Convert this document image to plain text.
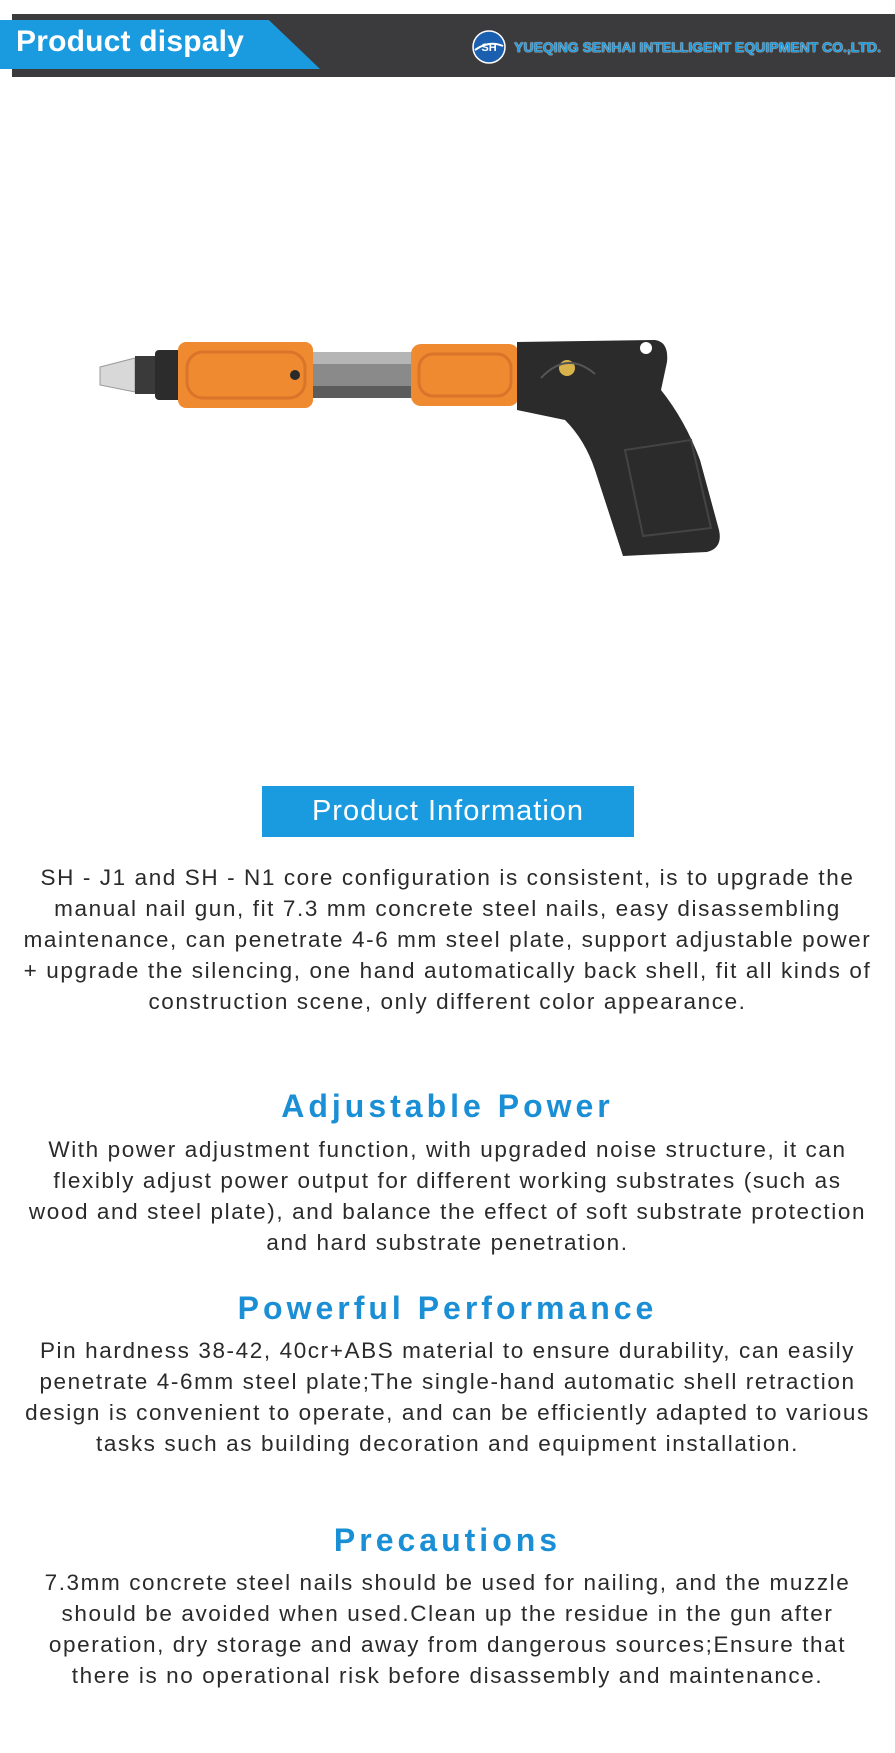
Product dispaly	SH YUEQING SENHAI INTELLIGENT EQUIPMENT CO.,LTD.
Product Information

SH - J1 and SH - N1 core configuration is consistent, is to upgrade the manual nail gun, fit 7.3 mm concrete steel nails, easy disassembling maintenance, can penetrate 4-6 mm steel plate, support adjustable power + upgrade the silencing, one hand automatically back shell, fit all kinds of construction scene, only different color appearance.

Adjustable Power

With power adjustment function, with upgraded noise structure, it can flexibly adjust power output for different working substrates (such as wood and steel plate), and balance the effect of soft substrate protection and hard substrate penetration.

Powerful Performance

Pin hardness 38-42, 40cr+ABS material to ensure durability, can easily penetrate 4-6mm steel plate;The single-hand automatic shell retraction design is convenient to operate, and can be efficiently adapted to various tasks such as building decoration and equipment installation.

Precautions

7.3mm concrete steel nails should be used for nailing, and the muzzle should be avoided when used.Clean up the residue in the gun after operation, dry storage and away from dangerous sources;Ensure that there is no operational risk before disassembly and maintenance.
